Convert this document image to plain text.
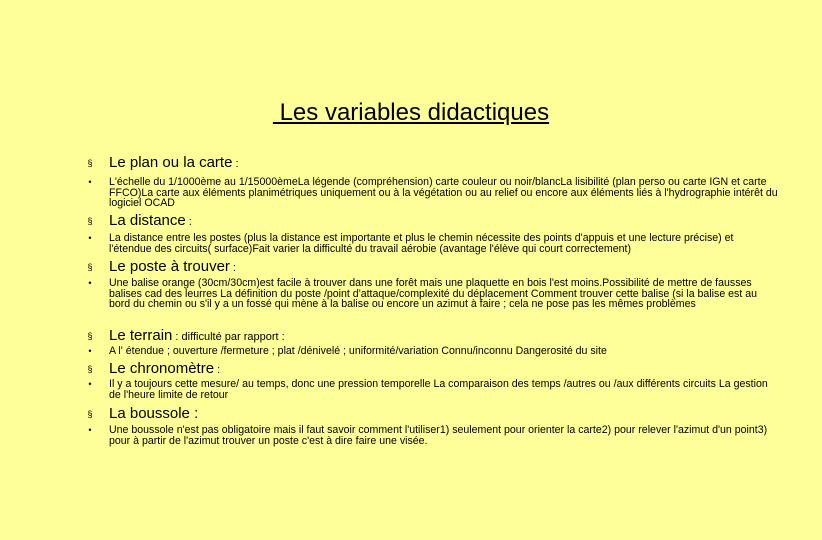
Les variables didactiques
§ Le plan ou la carte :
• L'échelle du 1/1000ème au 1/15000èmeLa légende (compréhension) carte couleur ou noir/blancLa lisibilité (plan perso ou carte IGN et carte FFCO)La carte aux éléments planimétriques uniquement ou à la végétation ou au relief ou encore aux éléments liés à l'hydrographie intérêt du logiciel OCAD
§ La distance :
• La distance entre les postes (plus la distance est importante et plus le chemin nécessite des points d'appuis et une lecture précise) et l'étendue des circuits( surface)Fait varier la difficulté du travail aérobie (avantage l'élève qui court correctement)
§ Le poste à trouver :
• Une balise orange (30cm/30cm)est facile à trouver dans une forêt mais une plaquette en bois l'est moins.Possibilité de mettre de fausses balises cad des leurres La définition du poste /point d'attaque/complexité du déplacement Comment trouver cette balise (si la balise est au bord du chemin ou s'il y a un fossé qui mène à la balise ou encore un azimut à faire ; cela ne pose pas les mêmes problèmes
§ Le terrain : difficulté par rapport :
• A l' étendue ; ouverture /fermeture ; plat /dénivelé ; uniformité/variation Connu/inconnu Dangerosité du site
§ Le chronomètre :
• Il y a toujours cette mesure/ au temps, donc une pression temporelle La comparaison des temps /autres ou /aux différents circuits La gestion de l'heure limite de retour
§ La boussole :
• Une boussole n'est pas obligatoire mais il faut savoir comment l'utiliser1) seulement pour orienter la carte2) pour relever l'azimut d'un point3) pour à partir de l'azimut trouver un poste c'est à dire faire une visée.
